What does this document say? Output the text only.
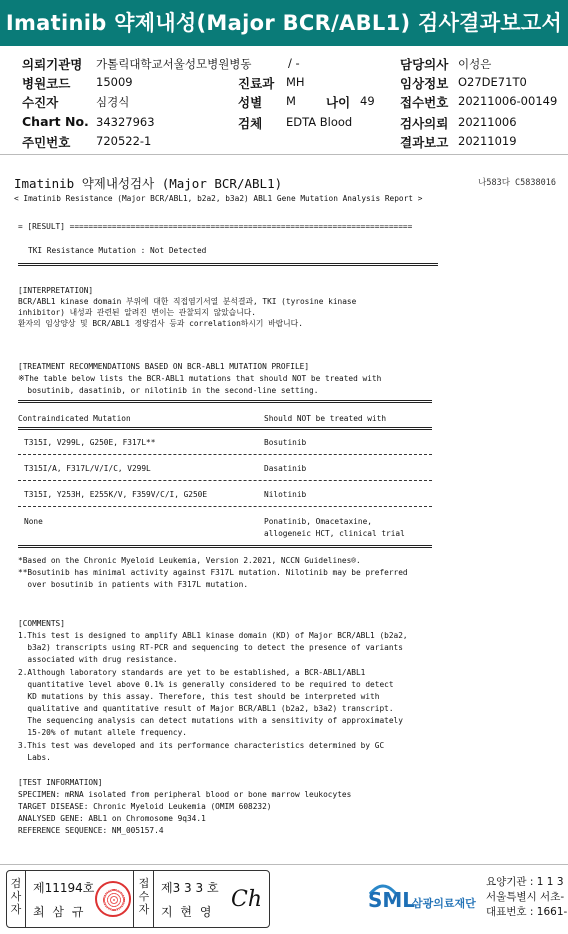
Imatinib 약제내성(Major BCR/ABL1) 검사결과보고서
의뢰기관명 가톨릭대학교서울성모병원병동
병원코드 15009
수진자	심경식
Chart No. 34327963
주민번호 720522-1
/ -
진료과 MH
성별 M 나이 49
검체 EDTA Blood
담당의사 이성은
임상정보 O27DE71T0
접수번호 20211006-00149
검사의뢰 20211006
결과보고 20211019
Imatinib 약제내성검사 (Major BCR/ABL1)	나583다 C5838016
< Imatinib Resistance (Major BCR/ABL1, b2a2, b3a2) ABL1 Gene Mutation Analysis Report >
= [RESULT] =========================================================================
TKI Resistance Mutation : Not Detected
[INTERPRETATION]
BCR/ABL1 kinase domain 부위에 대한 직접염기서열 분석결과, TKI (tyrosine kinase
inhibitor) 내성과 관련된 알려진 변이는 관찰되지 않았습니다.
환자의 임상양상 및 BCR/ABL1 정량검사 등과 correlation하시기 바랍니다.
[TREATMENT RECOMMENDATIONS BASED ON BCR-ABL1 MUTATION PROFILE]
※The table below lists the BCR-ABL1 mutations that should NOT be treated with
bosutinib, dasatinib, or nilotinib in the second-line setting.
Contraindicated Mutation	Should NOT be treated with
T315I, V299L, G250E, F317L**	Bosutinib
T315I/A, F317L/V/I/C, V299L	Dasatinib
T315I, Y253H, E255K/V, F359V/C/I, G250E	Nilotinib
None	Ponatinib, Omacetaxine,
allogeneic HCT, clinical trial
*Based on the Chronic Myeloid Leukemia, Version 2.2021, NCCN Guidelines®.
**Bosutinib has minimal activity against F317L mutation. Nilotinib may be preferred
over bosutinib in patients with F317L mutation.
[COMMENTS]
1.This test is designed to amplify ABL1 kinase domain (KD) of Major BCR/ABL1 (b2a2,
b3a2) transcripts using RT-PCR and sequencing to detect the presence of variants
associated with drug resistance.
2.Although laboratory standards are yet to be established, a BCR-ABL1/ABL1
quantitative level above 0.1% is generally considered to be required to detect
KD mutations by this assay. Therefore, this test should be interpreted with
qualitative and quantitative result of Major BCR/ABL1 (b2a2, b3a2) transcript.
The sequencing analysis can detect mutations with a sensitivity of approximately
15-20% of mutant allele frequency.
3.This test was developed and its performance characteristics determined by GC
Labs.
[TEST INFORMATION]
SPECIMEN: mRNA isolated from peripheral blood or bone marrow leukocytes
TARGET DISEASE: Chronic Myeloid Leukemia (OMIM 608232)
ANALYSED GENE: ABL1 on Chromosome 9q34.1
REFERENCE SEQUENCE: NM_005157.4
검사자
제11194호
최 삼 규
접수자
제3 3 3 호
지 현 영 Ch	SML
삼광의료재단
요양기관 : 1 1 3
서울특별시 서초-
대표번호 : 1661-
